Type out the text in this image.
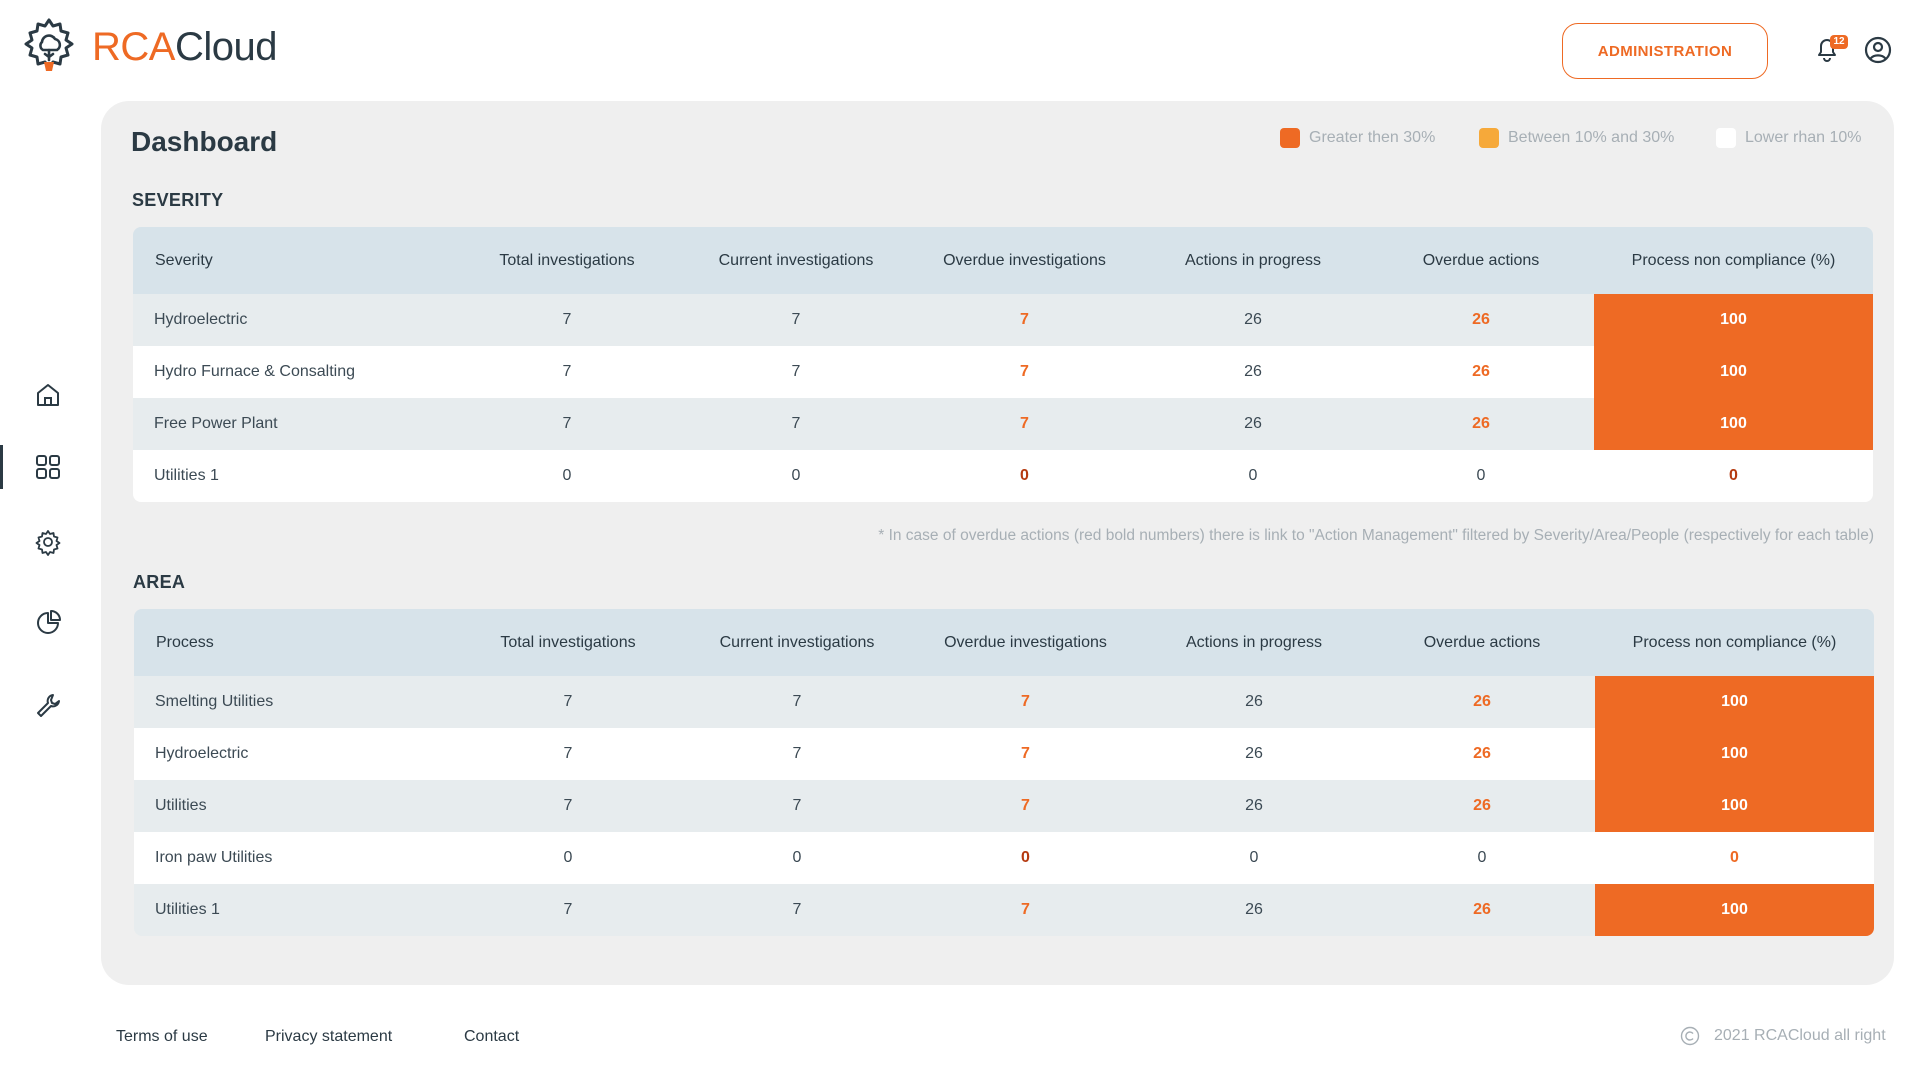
RCACloud	ADMINISTRATION
12
Dashboard	Greater then 30%	Between 10% and 30%	Lower rhan 10%
SEVERITY
Severity	Total investigations	Current investigations	Overdue investigations	Actions in progress	Overdue actions	Process non compliance (%)
Hydroelectric	7	7	7	26	26	100
Hydro Furnace & Consalting	7	7	7	26	26	100
Free Power Plant	7	7	7	26	26	100
Utilities 1	0	0	0	0	0	0
* In case of overdue actions (red bold numbers) there is link to "Action Management" filtered by Severity/Area/People (respectively for each table)
AREA
Process	Total investigations	Current investigations	Overdue investigations	Actions in progress	Overdue actions	Process non compliance (%)
Smelting Utilities	7	7	7	26	26	100
Hydroelectric	7	7	7	26	26	100
Utilities	7	7	7	26	26	100
Iron paw Utilities	0	0	0	0	0	0
Utilities 1	7	7	7	26	26	100
Terms of use	Privacy statement	Contact	2021 RCACloud all right
